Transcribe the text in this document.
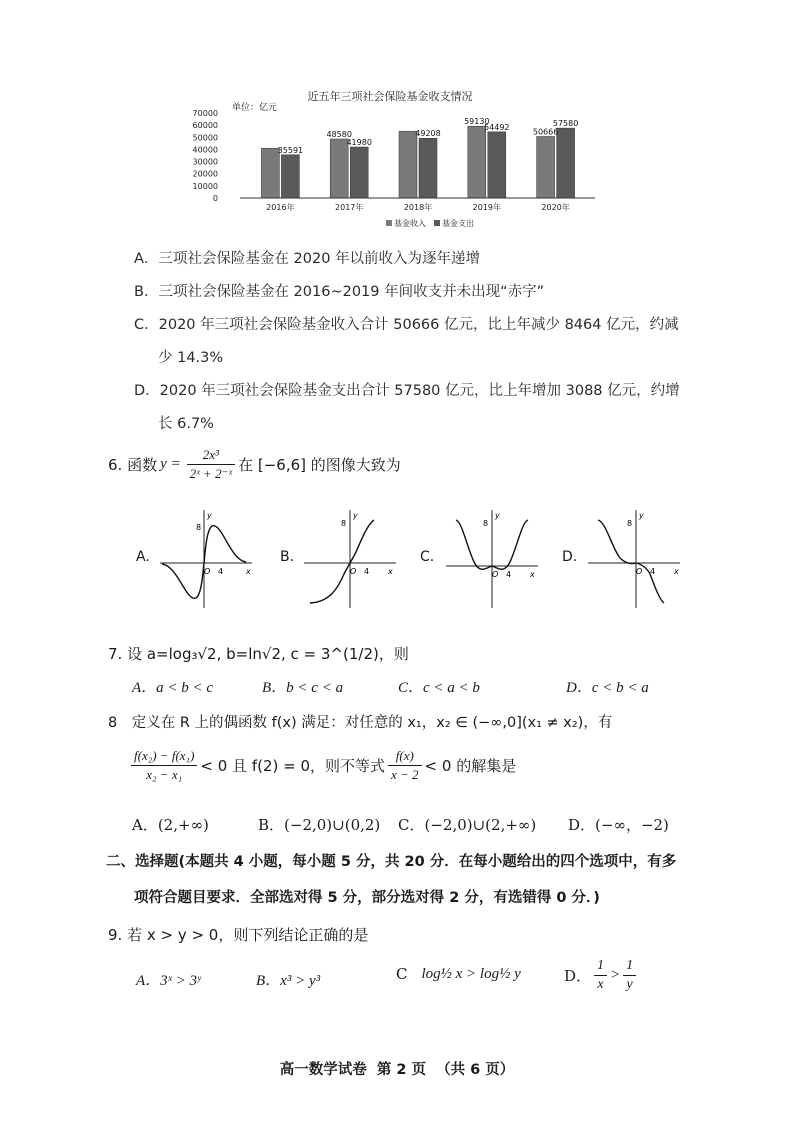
近五年三项社会保险基金收支情况
单位：亿元
70000
60000
50000
40000
30000
20000
10000
0
2016年	2017年	2018年	2019年	2020年
35591
48580
41980
49208
59130
54492
50666
57580
基金收入 基金支出
A．三项社会保险基金在 2020 年以前收入为逐年递增
B．三项社会保险基金在 2016~2019 年间收支并未出现“赤字”
C．2020 年三项社会保险基金收入合计 50666 亿元，比上年减少 8464 亿元，约减
少 14.3%
D．2020 年三项社会保险基金支出合计 57580 亿元，比上年增加 3088 亿元，约增
长 6.7%
6. 函数 $y = \frac{\text{2x³}}{\text{2ˣ + 2⁻ˣ}}$ 在 [−6,6] 的图像大致为
A.	B.	C.	D.
y
8
O 4	x
y
8
O 4 x
y
8
O 4 x
y
8
O 4 x
7. 设 a=log₃√2, b=ln√2, c = 3^(1/2)，则
A．a < b < c	B．b < c < a	C．c < a < b	D．c < b < a
8　定义在 R 上的偶函数 f(x) 满足：对任意的 x₁，x₂ ∈ (−∞,0](x₁ ≠ x₂)，有
$\frac{\text{f(x₂) − f(x₁)}}{\text{x₂ − x₁}} < 0$ 且 f(2) = 0，则不等式 $\frac{f(x)}{x - 2} < 0$ 的解集是
A．(2,+∞)	B．(−2,0)∪(0,2) C．(−2,0)∪(2,+∞) D．(−∞，−2)
二、选择题(本题共 4 小题，每小题 5 分，共 20 分．在每小题给出的四个选项中，有多
项符合题目要求．全部选对得 5 分，部分选对得 2 分，有选错得 0 分．)
9. 若 x > y > 0，则下列结论正确的是
A．3ˣ > 3ʸ	B．x³ > y³	C log½ x > log½ y	D． $\frac{1}{x} > \frac{1}{y}$
高一数学试卷  第 2 页  （共 6 页）
